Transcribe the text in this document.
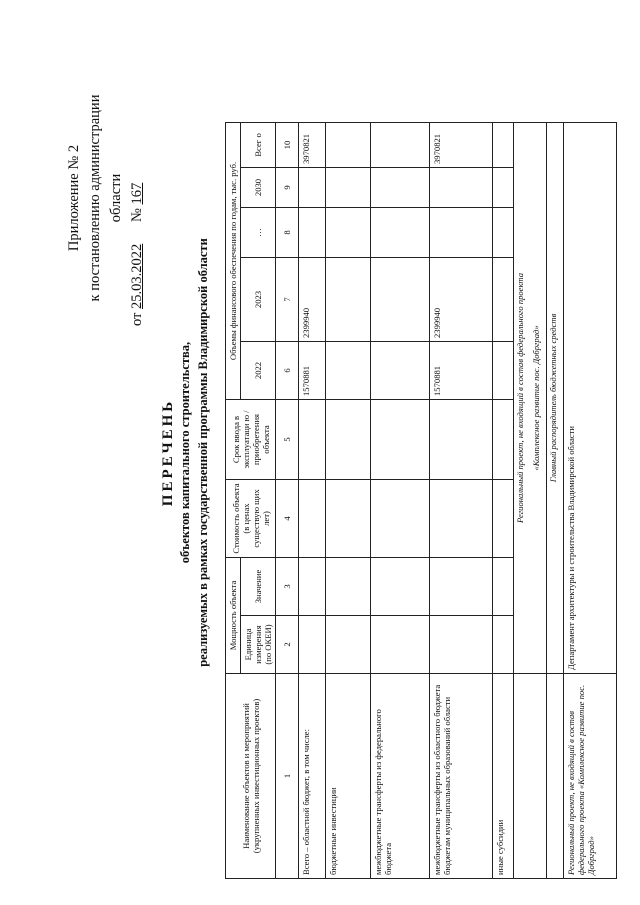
Приложение № 2 к постановлению администрации области
от 25.03.2022      № 167
ПЕРЕЧЕНЬ объектов капитального строительства, реализуемых в рамках государственной программы Владимирской области
Наименование объектов и мероприятий (укрупненных инвестиционных проектов)	Мощность объекта		Стоимость объекта (в ценах существую щих лет)	Срок ввода в эксплуатаци ю / приобретения объекта	Объемы финансового обеспечения по годам, тыс. руб.					
	Единица измерения (по ОКЕИ)	Значение			2022	2023	…	2030	Всег о	
1	2	3	4	5	6	7	8	9	10	
Всего – областной бюджет, в том числе:					1570881	2399940			3970821	
бюджетные инвестиции										
межбюджетные трансферты из федерального бюджета										
межбюджетные трансферты из областного бюджета бюджетам муниципальных образований области					1570881	2399940			3970821	
иные субсидии										
	Региональный проект, не входящий в состав федерального проекта									
	«Комплексное развитие пос. Добрград»									
	Главный распорядитель бюджетных средств									
Региональный проект, не входящий в состав федерального проекта «Комплексное развитие пос. Добрград»	Департамент архитектуры и строительства Владимирской области									
